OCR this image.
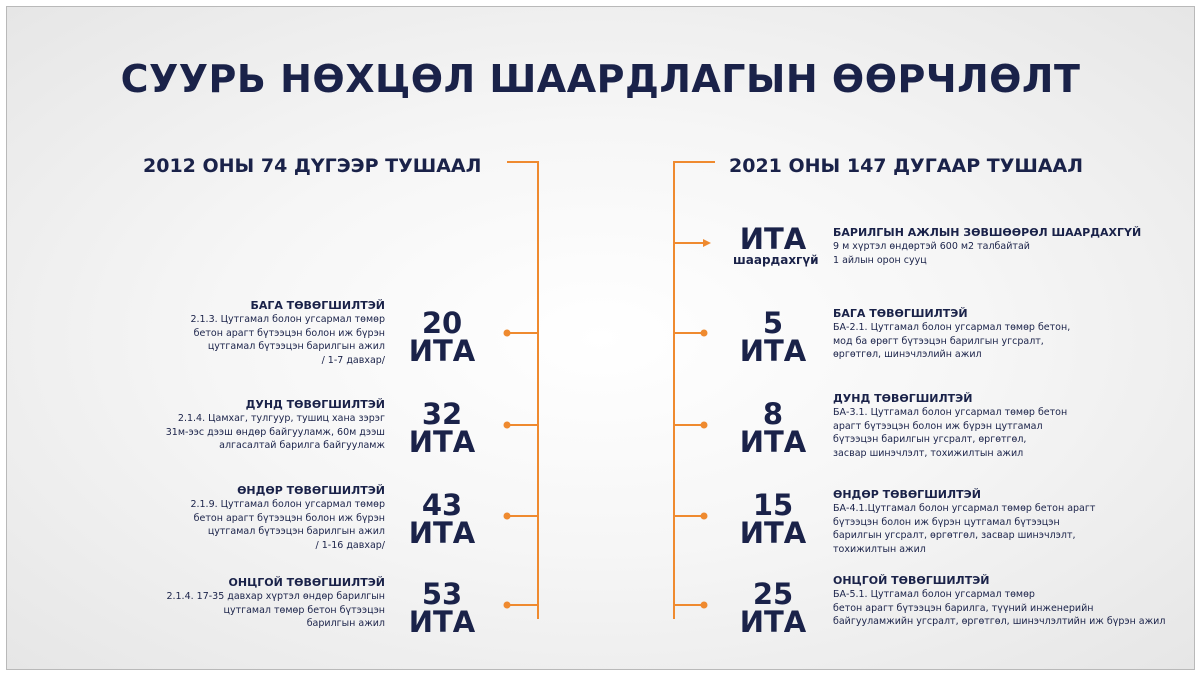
СУУРЬ НӨХЦӨЛ ШААРДЛАГЫН ӨӨРЧЛӨЛТ
2012 ОНЫ 74 ДҮГЭЭР ТУШААЛ
БАГА ТӨВӨГШИЛТЭЙ
2.1.3. Цутгамал болон угсармал төмөр
бетон арагт бүтээцэн болон иж бүрэн
цутгамал бүтээцэн барилгын ажил
/ 1-7 давхар/
20
ИТА
ДУНД ТӨВӨГШИЛТЭЙ
2.1.4. Цамхаг, тулгуур, тушиц хана зэрэг
31м-ээс дээш өндөр байгууламж, 60м дээш
алгасалтай барилга байгууламж
32
ИТА
ӨНДӨР ТӨВӨГШИЛТЭЙ
2.1.9. Цутгамал болон угсармал төмөр
бетон арагт бүтээцэн болон иж бүрэн
цутгамал бүтээцэн барилгын ажил
/ 1-16 давхар/
43
ИТА
ОНЦГОЙ ТӨВӨГШИЛТЭЙ
2.1.4. 17-35 давхар хүртэл өндөр барилгын
цутгамал төмөр бетон бүтээцэн
барилгын ажил
53
ИТА
2021 ОНЫ 147 ДУГААР ТУШААЛ
ИТА
шаардахгүй
БАРИЛГЫН АЖЛЫН ЗӨВШӨӨРӨЛ ШААРДАХГҮЙ
9 м хүртэл өндөртэй 600 м2 талбайтай
1 айлын орон сууц
5
ИТА
БАГА ТӨВӨГШИЛТЭЙ
БА-2.1. Цутгамал болон угсармал төмөр бетон,
мод ба өрөгт бүтээцэн барилгын угсралт,
өргөтгөл, шинэчлэлийн ажил
8
ИТА
ДУНД ТӨВӨГШИЛТЭЙ
БА-3.1. Цутгамал болон угсармал төмөр бетон
арагт бүтээцэн болон иж бүрэн цутгамал
бүтээцэн барилгын угсралт, өргөтгөл,
засвар шинэчлэлт, тохижилтын ажил
15
ИТА
ӨНДӨР ТӨВӨГШИЛТЭЙ
БА-4.1.Цутгамал болон угсармал төмөр бетон арагт
бүтээцэн болон иж бүрэн цутгамал бүтээцэн
барилгын угсралт, өргөтгөл, засвар шинэчлэлт,
тохижилтын ажил
25
ИТА
ОНЦГОЙ ТӨВӨГШИЛТЭЙ
БА-5.1. Цутгамал болон угсармал төмөр
бетон арагт бүтээцэн барилга, түүний инженерийн
байгууламжийн угсралт, өргөтгөл, шинэчлэлтийн иж бүрэн ажил
